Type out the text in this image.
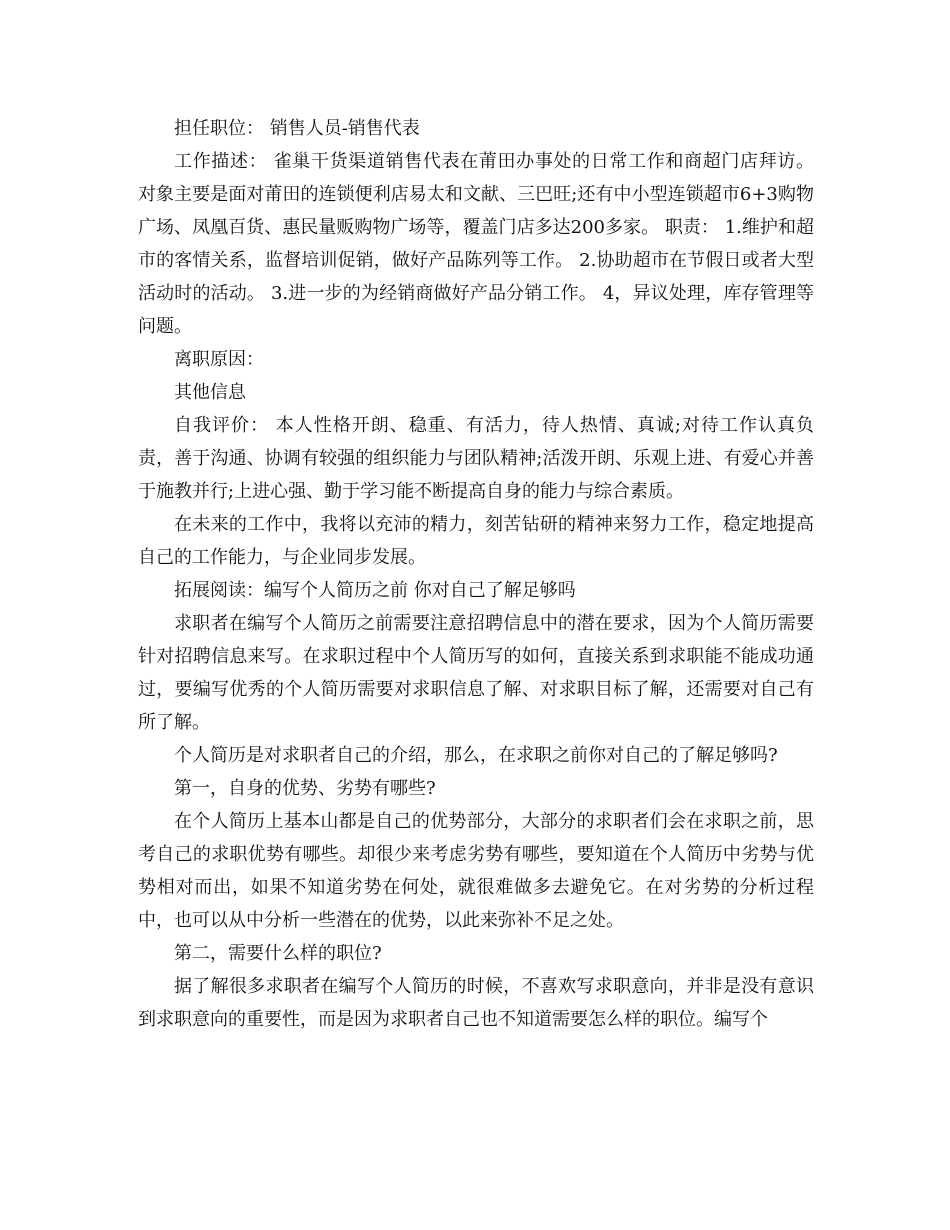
担任职位： 销售人员-销售代表

工作描述： 雀巢干货渠道销售代表在莆田办事处的日常工作和商超门店拜访。 对象主要是面对莆田的连锁便利店易太和文献、三巴旺;还有中小型连锁超市6+3购物广场、凤凰百货、惠民量贩购物广场等，覆盖门店多达200多家。 职责： 1.维护和超市的客情关系，监督培训促销，做好产品陈列等工作。 2.协助超市在节假日或者大型活动时的活动。 3.进一步的为经销商做好产品分销工作。 4，异议处理，库存管理等问题。

离职原因：

其他信息

自我评价： 本人性格开朗、稳重、有活力，待人热情、真诚;对待工作认真负责，善于沟通、协调有较强的组织能力与团队精神;活泼开朗、乐观上进、有爱心并善于施教并行;上进心强、勤于学习能不断提高自身的能力与综合素质。

在未来的工作中，我将以充沛的精力，刻苦钻研的精神来努力工作，稳定地提高自己的工作能力，与企业同步发展。

拓展阅读：编写个人简历之前 你对自己了解足够吗

求职者在编写个人简历之前需要注意招聘信息中的潜在要求，因为个人简历需要针对招聘信息来写。在求职过程中个人简历写的如何，直接关系到求职能不能成功通过，要编写优秀的个人简历需要对求职信息了解、对求职目标了解，还需要对自己有所了解。

个人简历是对求职者自己的介绍，那么，在求职之前你对自己的了解足够吗?

第一，自身的优势、劣势有哪些?

在个人简历上基本山都是自己的优势部分，大部分的求职者们会在求职之前，思考自己的求职优势有哪些。却很少来考虑劣势有哪些，要知道在个人简历中劣势与优势相对而出，如果不知道劣势在何处，就很难做多去避免它。在对劣势的分析过程中，也可以从中分析一些潜在的优势，以此来弥补不足之处。

第二，需要什么样的职位?

据了解很多求职者在编写个人简历的时候，不喜欢写求职意向，并非是没有意识到求职意向的重要性，而是因为求职者自己也不知道需要怎么样的职位。编写个
